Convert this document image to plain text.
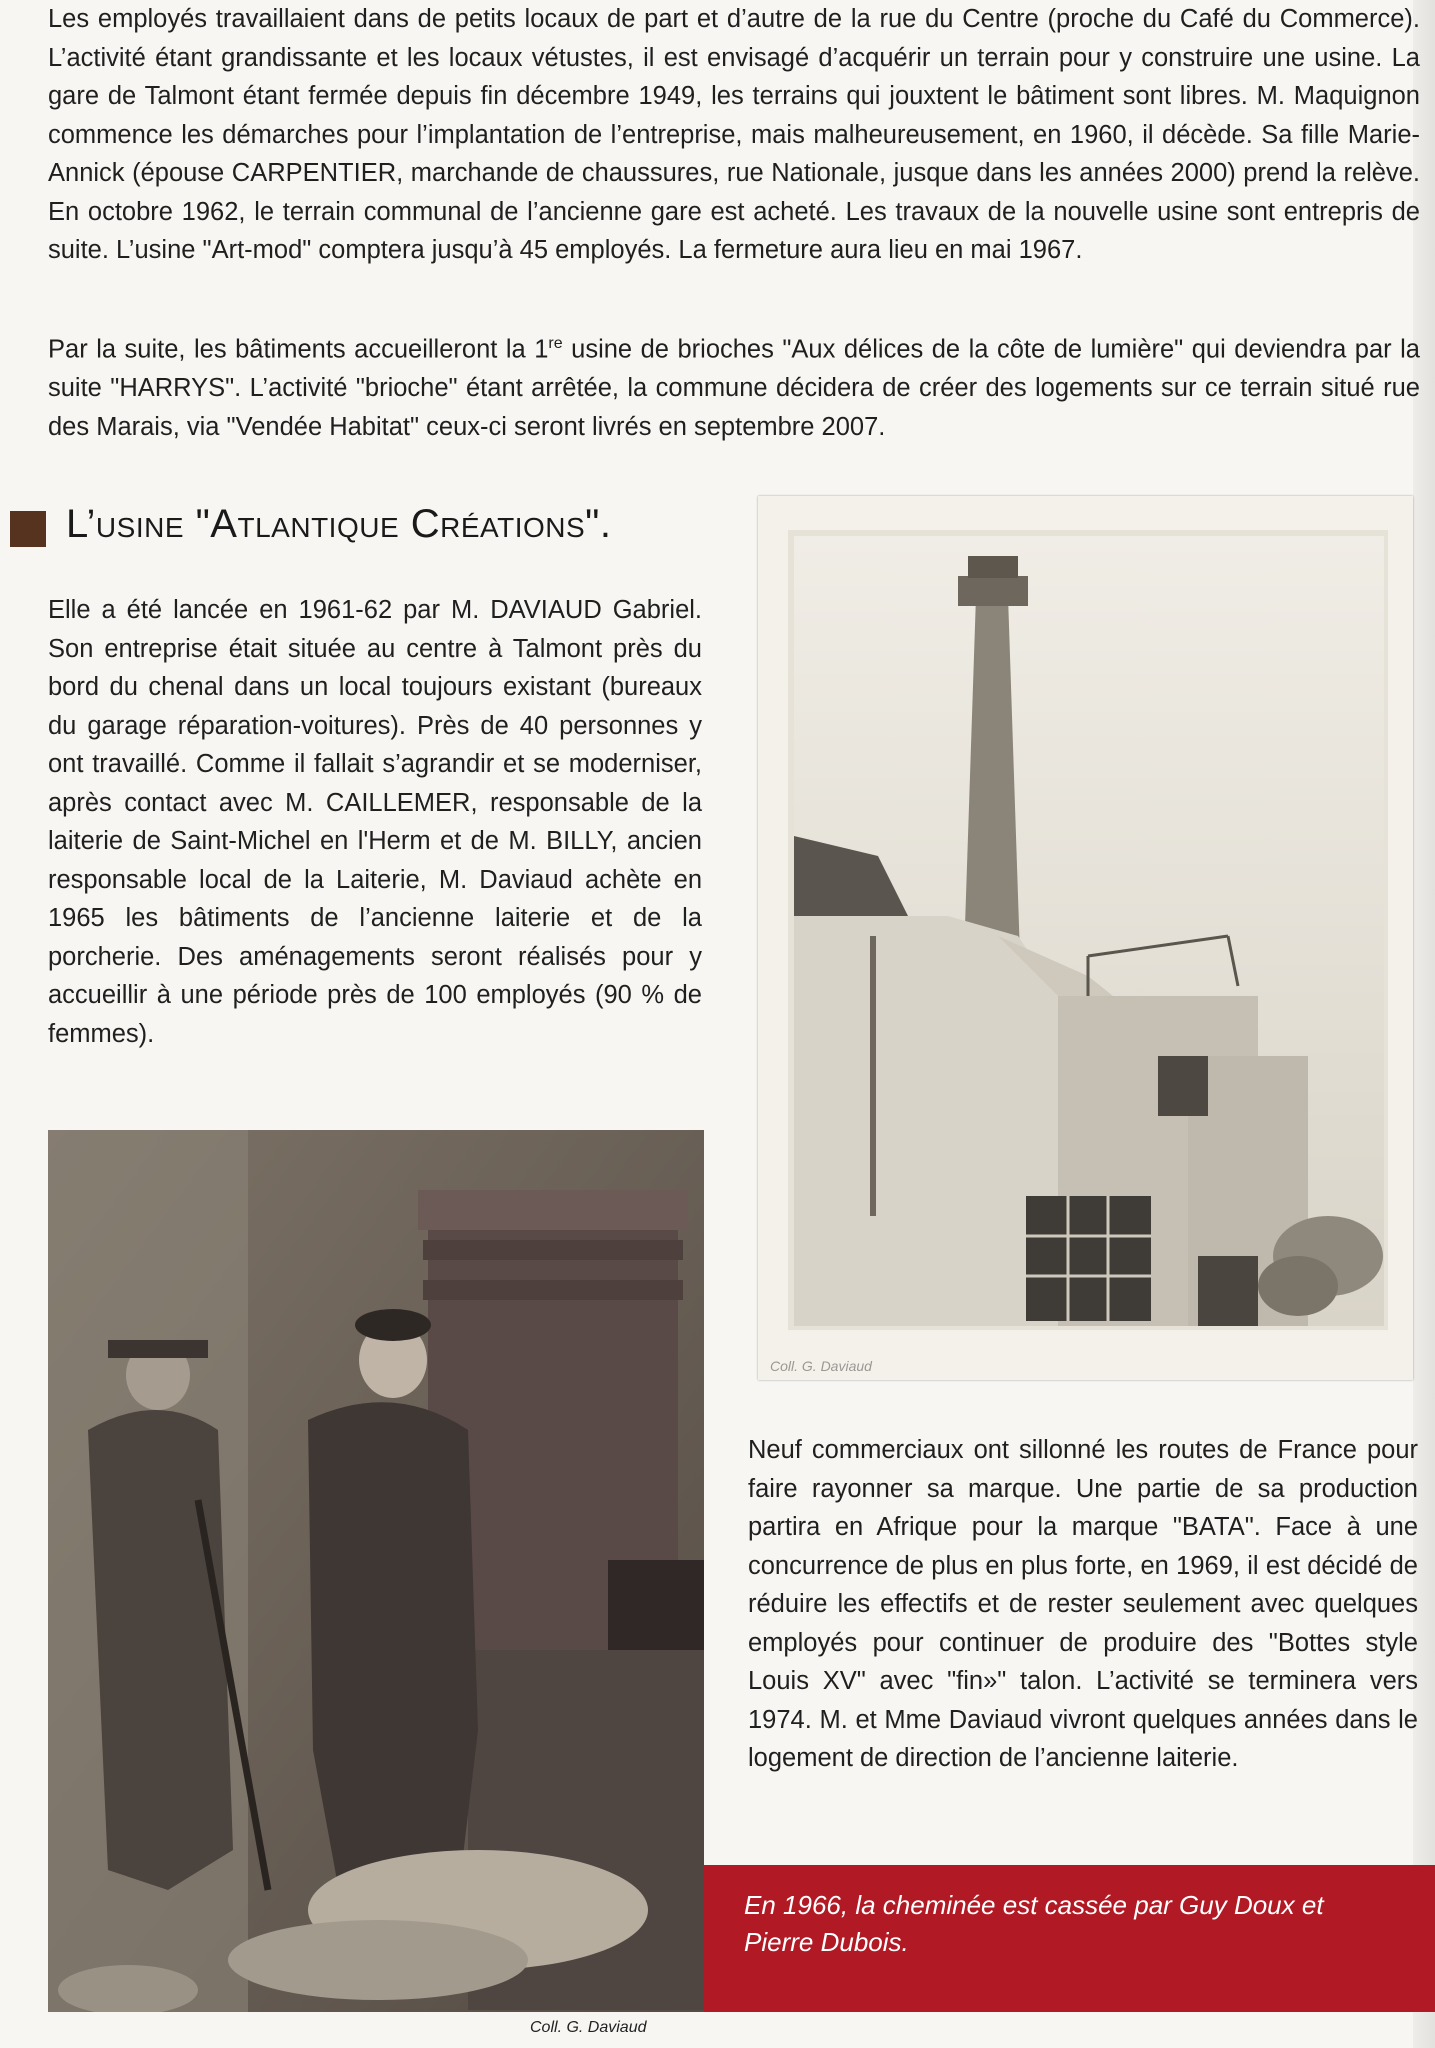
Les employés travaillaient dans de petits locaux de part et d’autre de la rue du Centre (proche du Café du Commerce). L’activité étant grandissante et les locaux vétustes, il est envisagé d’acquérir un terrain pour y construire une usine. La gare de Talmont étant fermée depuis fin décembre 1949, les terrains qui jouxtent le bâtiment sont libres. M. Maquignon commence les démarches pour l’implantation de l’entreprise, mais malheureusement, en 1960, il décède. Sa fille Marie-Annick (épouse CARPENTIER, marchande de chaussures, rue Nationale, jusque dans les années 2000) prend la relève. En octobre 1962, le terrain communal de l’ancienne gare est acheté. Les travaux de la nouvelle usine sont entrepris de suite. L’usine "Art-mod" comptera jusqu’à 45 employés. La fermeture aura lieu en mai 1967.

Par la suite, les bâtiments accueilleront la 1re usine de brioches "Aux délices de la côte de lumière" qui deviendra par la suite "HARRYS". L’activité "brioche" étant arrêtée, la commune décidera de créer des logements sur ce terrain situé rue des Marais, via "Vendée Habitat" ceux-ci seront livrés en septembre 2007.

L’usine "Atlantique Créations".

Elle a été lancée en 1961-62 par M. DAVIAUD Gabriel. Son entreprise était située au centre à Talmont près du bord du chenal dans un local toujours existant (bureaux du garage réparation-voitures). Près de 40 personnes y ont travaillé. Comme il fallait s’agrandir et se moderniser, après contact avec M. CAILLEMER, responsable de la laiterie de Saint-Michel en l'Herm et de M. BILLY, ancien responsable local de la Laiterie, M. Daviaud achète en 1965 les bâtiments de l’ancienne laiterie et de la porcherie. Des aménagements seront réalisés pour y accueillir à une période près de 100 employés (90 % de femmes).

Neuf commerciaux ont sillonné les routes de France pour faire rayonner sa marque. Une partie de sa production partira en Afrique pour la marque "BATA". Face à une concurrence de plus en plus forte, en 1969, il est décidé de réduire les effectifs et de rester seulement avec quelques employés pour continuer de produire des "Bottes style Louis XV" avec "fin»" talon. L’activité se terminera vers 1974. M. et Mme Daviaud vivront quelques années dans le logement de direction de l’ancienne laiterie.

En 1966, la cheminée est cassée par Guy Doux et Pierre Dubois.

Coll. G. Daviaud
Coll. G. Daviaud
